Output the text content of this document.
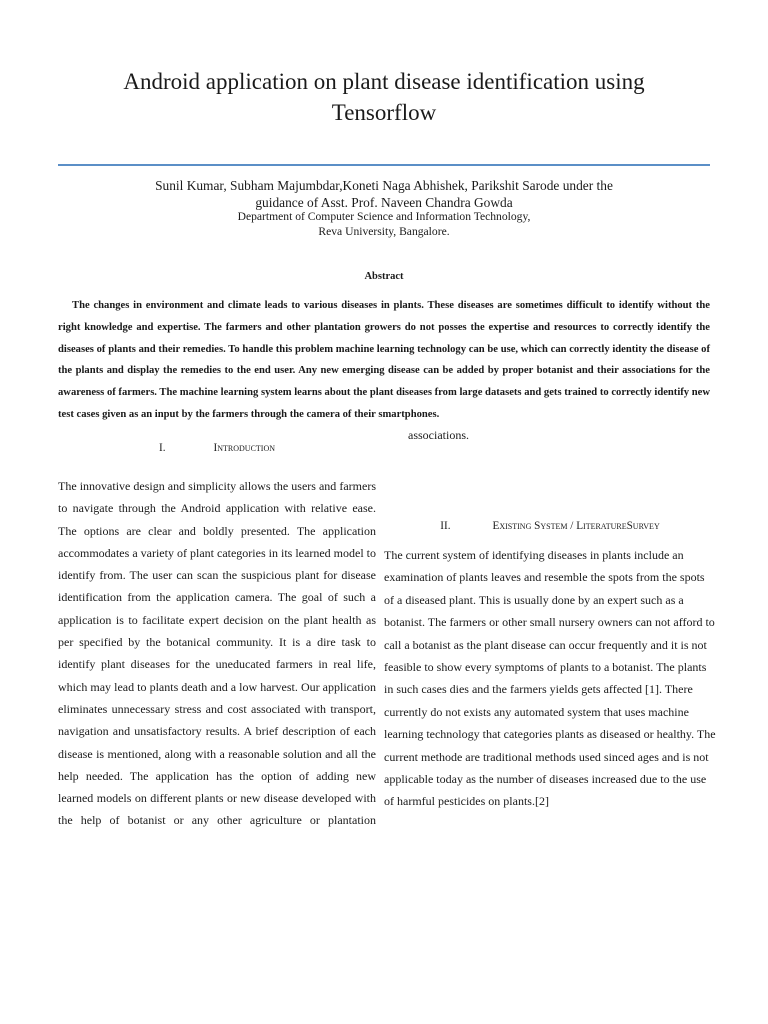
Android application on plant disease identification using Tensorflow
Sunil Kumar, Subham Majumbdar,Koneti Naga Abhishek, Parikshit Sarode under the
guidance of Asst. Prof. Naveen Chandra Gowda
Department of Computer Science and Information Technology,
Reva University, Bangalore.
Abstract

The changes in environment and climate leads to various diseases in plants. These diseases are sometimes difficult to identify without the right knowledge and expertise. The farmers and other plantation growers do not posses the expertise and resources to correctly identify the diseases of plants and their remedies. To handle this problem machine learning technology can be use, which can correctly identity the disease of the plants and display the remedies to the end user. Any new emerging disease can be added by proper botanist and their associations for the awareness of farmers. The machine learning system learns about the plant diseases from large datasets and gets trained to correctly identify new test cases given as an input by the farmers through the camera of their smartphones.

I.	Introduction

The innovative design and simplicity allows the users and farmers to navigate through the Android application with relative ease. The options are clear and boldly presented. The application accommodates a variety of plant categories in its learned model to identify from. The user can scan the suspicious plant for disease identification from the application camera. The goal of such a application is to facilitate expert decision on the plant health as per specified by the botanical community. It is a dire task to identify plant diseases for the uneducated farmers in real life, which may lead to plants death and a low harvest. Our application eliminates unnecessary stress and cost associated with transport, navigation and unsatisfactory results. A brief description of each disease is mentioned, along with a reasonable solution and all the help needed. The application has the option of adding new learned models on different plants or new disease developed with the help of botanist or any other agriculture or plantation

associations.

II.	Existing System / LiteratureSurvey

The current system of identifying diseases in plants include an examination of plants leaves and resemble the spots from the spots of a diseased plant. This is usually done by an expert such as a botanist. The farmers or other small nursery owners can not afford to call a botanist as the plant disease can occur frequently and it is not feasible to show every symptoms of plants to a botanist. The plants in such cases dies and the farmers yields gets affected [1]. There currently do not exists any automated system that uses machine learning technology that categories plants as diseased or healthy. The current methode are traditional methods used sinced ages and is not applicable today as the number of diseases increased due to the use of harmful pesticides on plants.[2]
